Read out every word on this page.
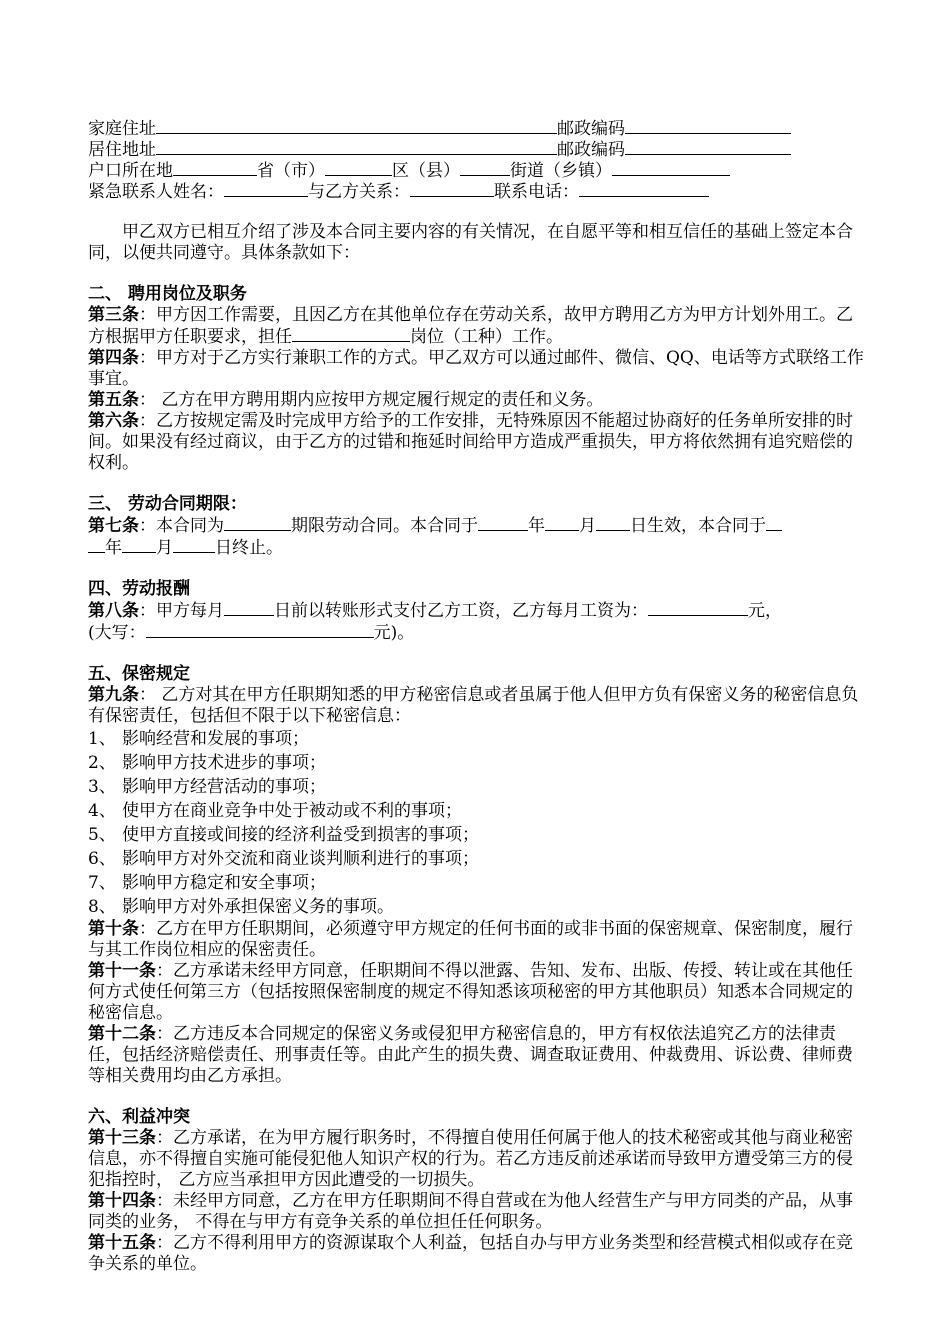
家庭住址	邮政编码
居住地址	邮政编码
户口所在地	省（市）	区（县）	街道（乡镇）
紧急联系人姓名：	与乙方关系：	联系电话：
甲乙双方已相互介绍了涉及本合同主要内容的有关情况，在自愿平等和相互信任的基础上签定本合同，以便共同遵守。具体条款如下：
二、 聘用岗位及职务
第三条：甲方因工作需要，且因乙方在其他单位存在劳动关系，故甲方聘用乙方为甲方计划外用工。乙方根据甲方任职要求，担任	岗位（工种）工作。
第四条：甲方对于乙方实行兼职工作的方式。甲乙双方可以通过邮件、微信、QQ、电话等方式联络工作事宜。
第五条： 乙方在甲方聘用期内应按甲方规定履行规定的责任和义务。
第六条：乙方按规定需及时完成甲方给予的工作安排，无特殊原因不能超过协商好的任务单所安排的时间。如果没有经过商议，由于乙方的过错和拖延时间给甲方造成严重损失，甲方将依然拥有追究赔偿的权利。
三、 劳动合同期限：
第七条：本合同为	期限劳动合同。本合同于	年 月 日生效，本合同于
年 月 日终止。
四、劳动报酬
第八条：甲方每月	日前以转账形式支付乙方工资，乙方每月工资为：	元，
(大写：	元)。
五、保密规定
第九条： 乙方对其在甲方任职期知悉的甲方秘密信息或者虽属于他人但甲方负有保密义务的秘密信息负有保密责任，包括但不限于以下秘密信息：
1、 影响经营和发展的事项；
2、 影响甲方技术进步的事项；
3、 影响甲方经营活动的事项；
4、 使甲方在商业竞争中处于被动或不利的事项；
5、 使甲方直接或间接的经济利益受到损害的事项；
6、 影响甲方对外交流和商业谈判顺利进行的事项；
7、 影响甲方稳定和安全事项；
8、 影响甲方对外承担保密义务的事项。
第十条：乙方在甲方任职期间，必须遵守甲方规定的任何书面的或非书面的保密规章、保密制度，履行与其工作岗位相应的保密责任。
第十一条：乙方承诺未经甲方同意，任职期间不得以泄露、告知、发布、出版、传授、转让或在其他任何方式使任何第三方（包括按照保密制度的规定不得知悉该项秘密的甲方其他职员）知悉本合同规定的秘密信息。
第十二条：乙方违反本合同规定的保密义务或侵犯甲方秘密信息的，甲方有权依法追究乙方的法律责任，包括经济赔偿责任、刑事责任等。由此产生的损失费、调查取证费用、仲裁费用、诉讼费、律师费等相关费用均由乙方承担。
六、利益冲突
第十三条：乙方承诺，在为甲方履行职务时，不得擅自使用任何属于他人的技术秘密或其他与商业秘密信息，亦不得擅自实施可能侵犯他人知识产权的行为。若乙方违反前述承诺而导致甲方遭受第三方的侵犯指控时， 乙方应当承担甲方因此遭受的一切损失。
第十四条：未经甲方同意，乙方在甲方任职期间不得自营或在为他人经营生产与甲方同类的产品，从事同类的业务， 不得在与甲方有竞争关系的单位担任任何职务。
第十五条：乙方不得利用甲方的资源谋取个人利益，包括自办与甲方业务类型和经营模式相似或存在竞争关系的单位。
